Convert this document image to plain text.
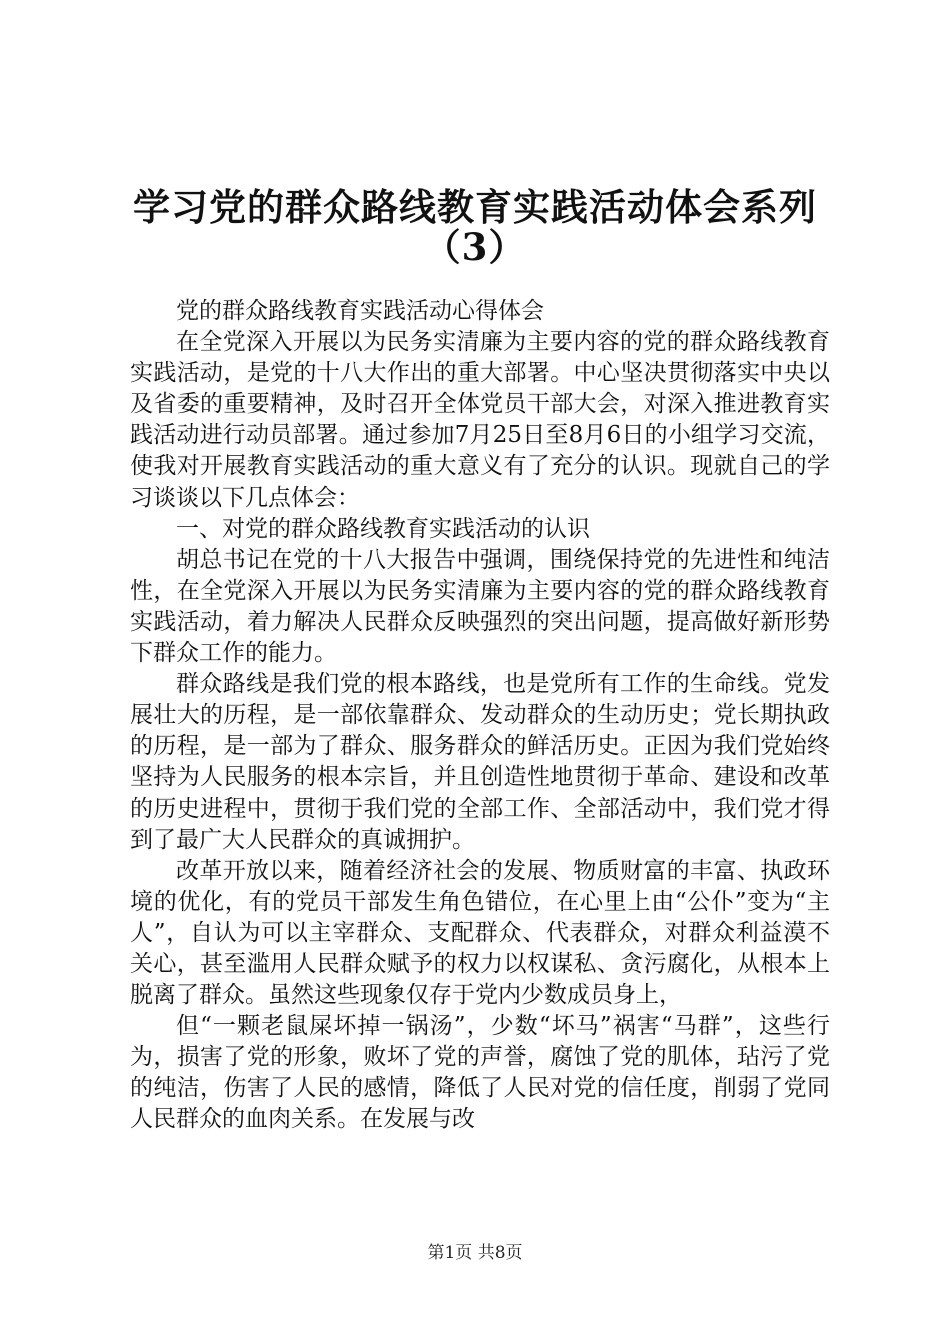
学习党的群众路线教育实践活动体会系列
（3）

党的群众路线教育实践活动心得体会

在全党深入开展以为民务实清廉为主要内容的党的群众路线教育实践活动，是党的十八大作出的重大部署。中心坚决贯彻落实中央以及省委的重要精神，及时召开全体党员干部大会，对深入推进教育实践活动进行动员部署。通过参加7月25日至8月6日的小组学习交流，使我对开展教育实践活动的重大意义有了充分的认识。现就自己的学习谈谈以下几点体会：

一、对党的群众路线教育实践活动的认识

胡总书记在党的十八大报告中强调，围绕保持党的先进性和纯洁性，在全党深入开展以为民务实清廉为主要内容的党的群众路线教育实践活动，着力解决人民群众反映强烈的突出问题，提高做好新形势下群众工作的能力。

群众路线是我们党的根本路线，也是党所有工作的生命线。党发展壮大的历程，是一部依靠群众、发动群众的生动历史；党长期执政的历程，是一部为了群众、服务群众的鲜活历史。正因为我们党始终坚持为人民服务的根本宗旨，并且创造性地贯彻于革命、建设和改革的历史进程中，贯彻于我们党的全部工作、全部活动中，我们党才得到了最广大人民群众的真诚拥护。

改革开放以来，随着经济社会的发展、物质财富的丰富、执政环境的优化，有的党员干部发生角色错位，在心里上由“公仆”变为“主人”，自认为可以主宰群众、支配群众、代表群众，对群众利益漠不关心，甚至滥用人民群众赋予的权力以权谋私、贪污腐化，从根本上脱离了群众。虽然这些现象仅存于党内少数成员身上，

但“一颗老鼠屎坏掉一锅汤”，少数“坏马”祸害“马群”，这些行为，损害了党的形象，败坏了党的声誉，腐蚀了党的肌体，玷污了党的纯洁，伤害了人民的感情，降低了人民对党的信任度，削弱了党同人民群众的血肉关系。在发展与改

第1页 共8页
